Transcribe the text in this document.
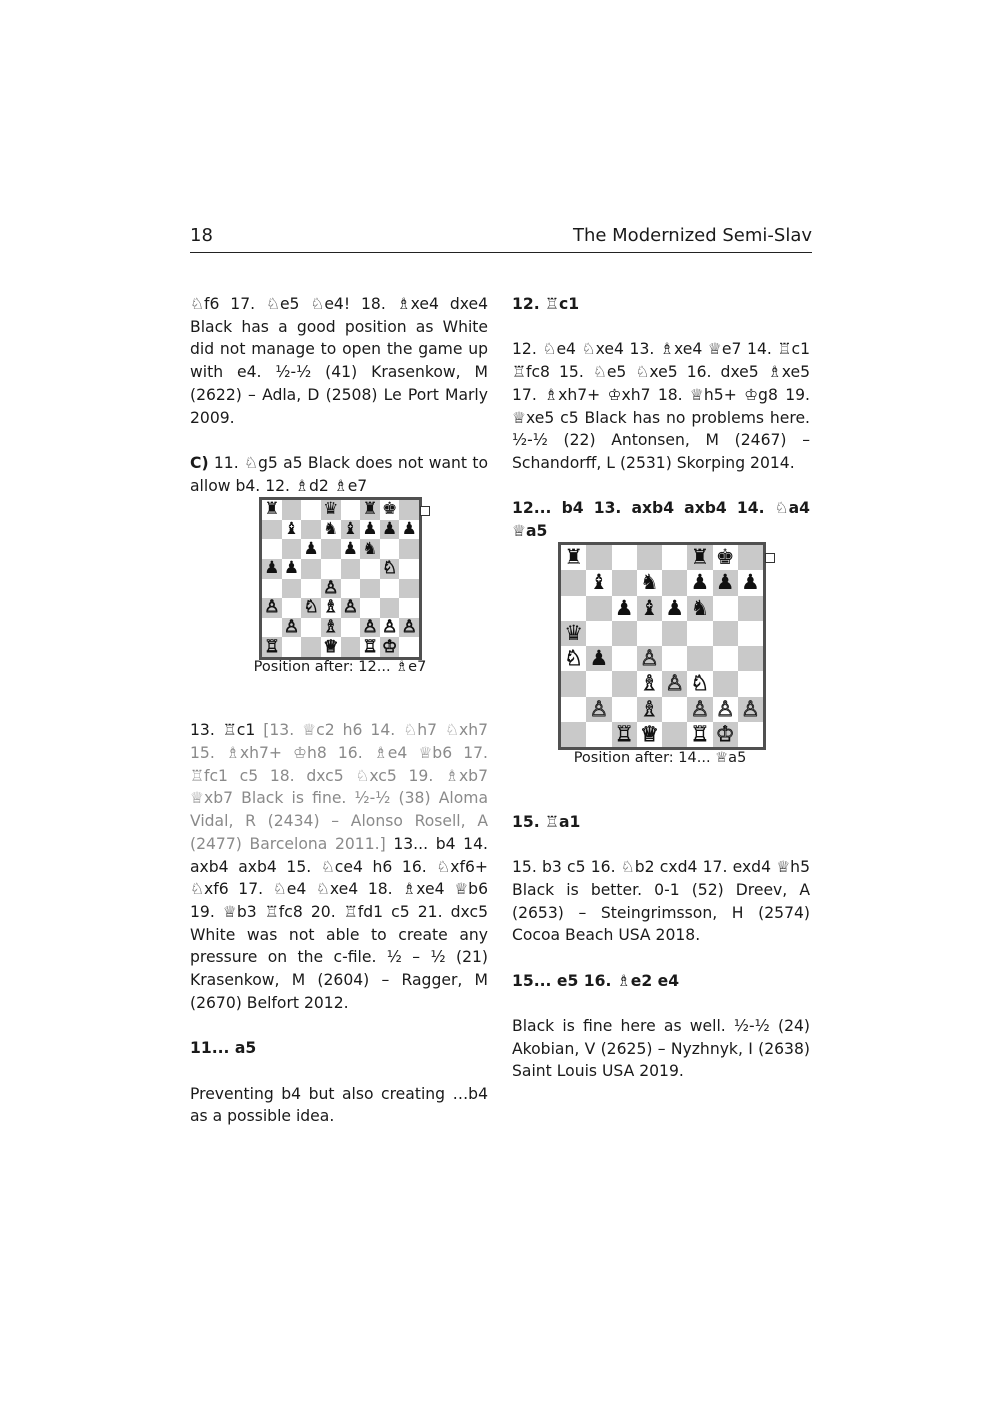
18	The Modernized Semi-Slav

♘f6 17. ♘e5 ♘e4! 18. ♗xe4 dxe4 Black has a good position as White did not manage to open the game up with e4. ½-½ (41) Krasenkow, M (2622) – Adla, D (2508) Le Port Marly 2009.

C) 11. ♘g5 a5 Black does not want to allow b4. 12. ♗d2 ♗e7

13. ♖c1 [13. ♕c2 h6 14. ♘h7 ♘xh7 15. ♗xh7+ ♔h8 16. ♗e4 ♕b6 17. ♖fc1 c5 18. dxc5 ♘xc5 19. ♗xb7 ♕xb7 Black is fine. ½-½ (38) Aloma Vidal, R (2434) – Alonso Rosell, A (2477) Barcelona 2011.] 13... b4 14. axb4 axb4 15. ♘ce4 h6 16. ♘xf6+ ♘xf6 17. ♘e4 ♘xe4 18. ♗xe4 ♕b6 19. ♕b3 ♖fc8 20. ♖fd1 c5 21. dxc5 White was not able to create any pressure on the c-file. ½ – ½ (21) Krasenkow, M (2604) – Ragger, M (2670) Belfort 2012.

11... a5

Preventing b4 but also creating …b4 as a possible idea.

12. ♖c1

12. ♘e4 ♘xe4 13. ♗xe4 ♕e7 14. ♖c1 ♖fc8 15. ♘e5 ♘xe5 16. dxe5 ♗xe5 17. ♗xh7+ ♔xh7 18. ♕h5+ ♔g8 19. ♕xe5 c5 Black has no problems here. ½-½ (22) Antonsen, M (2467) – Schandorff, L (2531) Skorping 2014.

12... b4 13. axb4 axb4 14. ♘a4 ♕a5

15. ♖a1

15. b3 c5 16. ♘b2 cxd4 17. exd4 ♕h5 Black is better. 0-1 (52) Dreev, A (2653) – Steingrimsson, H (2574) Cocoa Beach USA 2018.

15... e5 16. ♗e2 e4

Black is fine here as well. ½-½ (24) Akobian, V (2625) – Nyzhnyk, I (2638) Saint Louis USA 2019.

♜	♛ ♜ ♚
♝ ♞ ♝ ♟ ♟ ♟
♟ ♟ ♞
♟ ♟	♘
♙
♙ ♘ ♗ ♙
♙ ♗ ♙ ♙ ♙
♖	♕ ♖ ♔
Position after: 12... ♗e7
♜	♜ ♚
♝ ♞ ♟ ♟ ♟
♟ ♝ ♟ ♞
♛
♘ ♟ ♙
♗ ♙ ♘
♙ ♗ ♙ ♙ ♙
♖ ♕ ♖ ♔
Position after: 14... ♕a5
